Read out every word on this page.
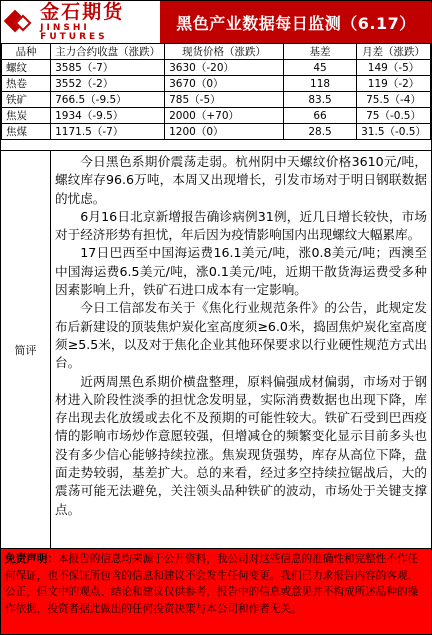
金石期货
JINSHI FUTURES
黑色产业数据每日监测（6.17）
品种	主力合约收盘（涨跌）	现货价格（涨跌）	基差	月差（涨跌）
螺纹	3585（-7）	3630（-20）	45	149（-5）
热卷	3552（-2）	3670（0）	118	119（-2）
铁矿	766.5（-9.5）	785（-5）	83.5	75.5（-4）
焦炭	1934（-9.5）	2000（+70）	66	75（-0.5）
焦煤	1171.5（-7）	1200（0）	28.5	31.5（-0.5）
简评

今日黑色系期价震荡走弱。杭州阴中天螺纹价格3610元/吨，螺纹库存96.6万吨，本周又出现增长，引发市场对于明日钢联数据的忧虑。

6月16日北京新增报告确诊病例31例，近几日增长较快，市场对于经济形势有担忧，年后因为疫情影响国内出现螺纹大幅累库。

17日巴西至中国海运费16.1美元/吨，涨0.8美元/吨；西澳至中国海运费6.5美元/吨，涨0.1美元/吨，近期干散货海运费受多种因素影响上升，铁矿石进口成本有一定影响。

今日工信部发布关于《焦化行业规范条件》的公告，此规定发布后新建设的顶装焦炉炭化室高度须≥6.0米，捣固焦炉炭化室高度须≥5.5米，以及对于焦化企业其他环保要求以行业硬性规范方式出台。

近两周黑色系期价横盘整理，原料偏强成材偏弱，市场对于钢材进入阶段性淡季的担忧念发明显，实际消费数据也出现下降，库存出现去化放缓或去化不及预期的可能性较大。铁矿石受到巴西疫情的影响市场炒作意愿较强，但增减仓的频繁变化显示目前多头也没有多少信心能够持续拉涨。焦炭现货强势，库存从高位下降，盘面走势较弱，基差扩大。总的来看，经过多空持续拉锯战后，大的震荡可能无法避免，关注领头品种铁矿的波动，市场处于关键支撑点。

免责声明：本报告的信息均来源于公开资料，我公司对这些信息的准确性和完整性不作任何保证，也不保证所包含的信息和建议不会发生任何变更。我们已力求报告内容的客观、公正，但文中的观点、结论和建议仅供参考，报告中的信息或意见并不构成所述品种的操作依据，投资者据此做出的任何投资决策与本公司和作者无关。
